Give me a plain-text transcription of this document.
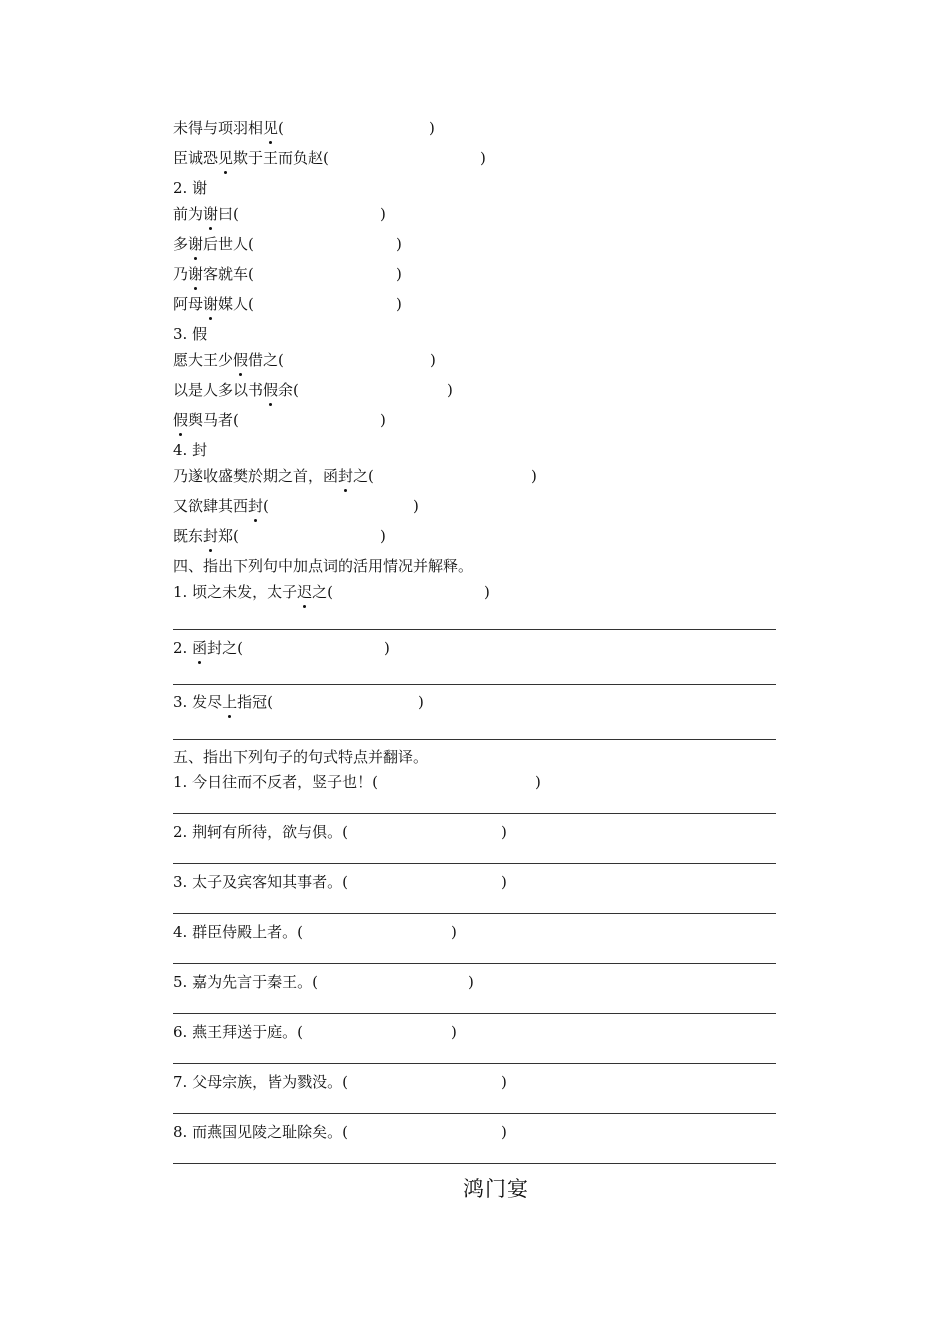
未得与项羽相见(	)
臣诚恐见欺于王而负赵(	)
2. 谢
前为谢曰(	)
多谢后世人(	)
乃谢客就车(	)
阿母谢媒人(	)
3. 假
愿大王少假借之(	)
以是人多以书假余(	)
假舆马者(	)
4. 封
乃遂收盛樊於期之首，函封之(	)
又欲肆其西封(	)
既东封郑(	)
四、指出下列句中加点词的活用情况并解释。
1. 顷之未发，太子迟之(	)
2. 函封之(	)
3. 发尽上指冠(	)
五、指出下列句子的句式特点并翻译。
1. 今日往而不反者，竖子也！(	)
2. 荆轲有所待，欲与俱。(	)
3. 太子及宾客知其事者。(	)
4. 群臣侍殿上者。(	)
5. 嘉为先言于秦王。(	)
6. 燕王拜送于庭。(	)
7. 父母宗族，皆为戮没。(	)
8. 而燕国见陵之耻除矣。(	)
鸿门宴
